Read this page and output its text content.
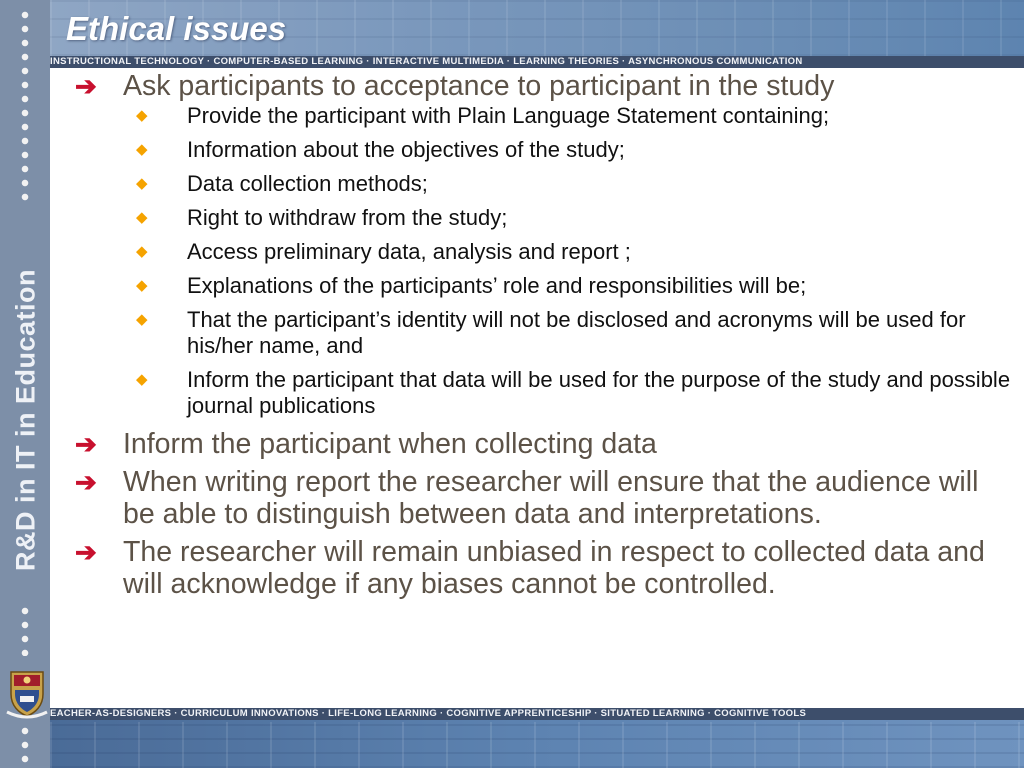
R&D in IT in Education
Ethical issues
INSTRUCTIONAL TECHNOLOGY · COMPUTER-BASED LEARNING · INTERACTIVE MULTIMEDIA · LEARNING THEORIES · ASYNCHRONOUS COMMUNICATION
➔ Ask participants to acceptance to participant in the study
◆ Provide the participant with Plain Language Statement containing;
◆ Information about the objectives of the study;
◆ Data collection methods;
◆ Right to withdraw from the study;
◆ Access preliminary data, analysis and report ;
◆ Explanations of the participants’ role and responsibilities will be;
◆ That the participant’s identity will not be disclosed and acronyms will be used for his/her name, and
◆ Inform the participant that data will be used for the purpose of the study and possible journal publications
➔ Inform the participant when collecting data
➔ When writing report the researcher will ensure that the audience will be able to distinguish between data and interpretations.
➔ The researcher will remain unbiased in respect to collected data and will acknowledge if any biases cannot be controlled.
EACHER-AS-DESIGNERS · CURRICULUM INNOVATIONS · LIFE-LONG LEARNING · COGNITIVE APPRENTICESHIP · SITUATED LEARNING · COGNITIVE TOOLS
